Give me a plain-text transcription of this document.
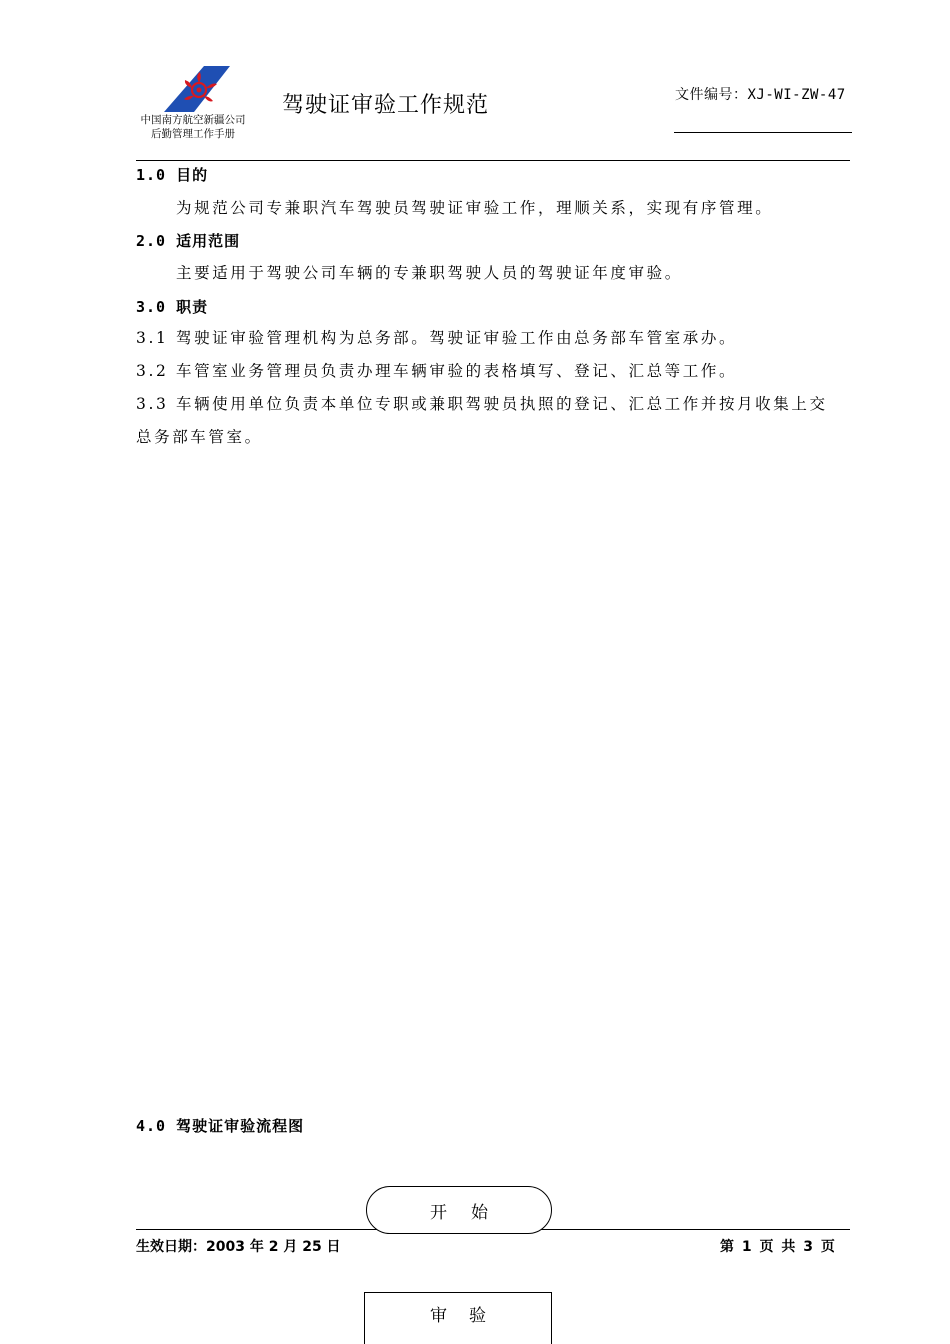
中国南方航空新疆公司
后勤管理工作手册
驾驶证审验工作规范	文件编号：XJ-WI-ZW-47
1.0 目的
为规范公司专兼职汽车驾驶员驾驶证审验工作，理顺关系，实现有序管理。
2.0 适用范围
主要适用于驾驶公司车辆的专兼职驾驶人员的驾驶证年度审验。
3.0 职责
3.1 驾驶证审验管理机构为总务部。驾驶证审验工作由总务部车管室承办。
3.2 车管室业务管理员负责办理车辆审验的表格填写、登记、汇总等工作。
3.3 车辆使用单位负责本单位专职或兼职驾驶员执照的登记、汇总工作并按月收集上交
总务部车管室。
4.0 驾驶证审验流程图
开始
生效日期：2003 年 2 月 25 日	第 1 页 共 3 页
审验
